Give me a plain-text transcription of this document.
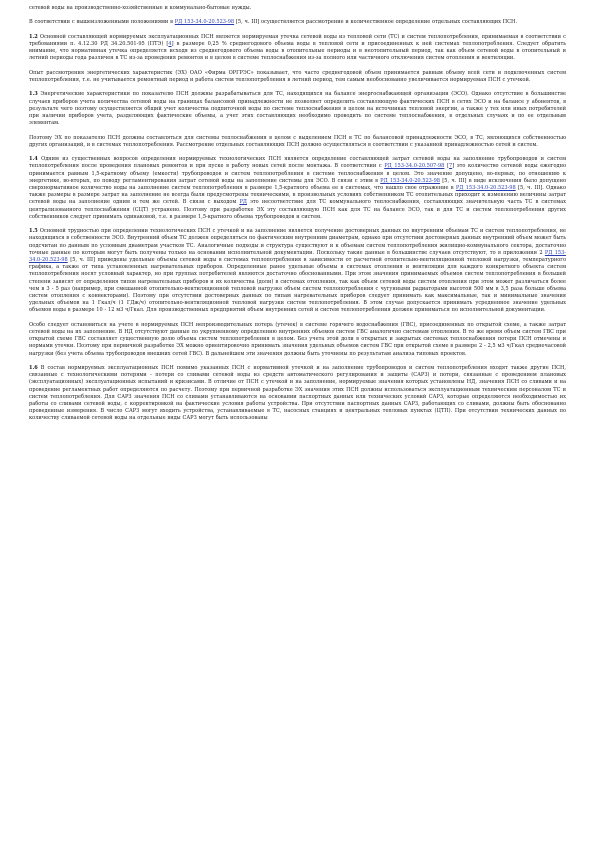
сетевой воды на производственно-хозяйственные и коммунально-бытовые нужды.

В соответствии с вышеизложенными положениями в РД 153-34.0-20.523-98 [5, ч. III] осуществляется рассмотрение и количественное определение отдельных составляющих ПСН.

1.2 Основной составляющей нормируемых эксплуатационных ПСН является нормируемая утечка сетевой воды из тепловой сети (ТС) и систем теплопотребления, принимаемая в соответствии с требованиями п. 4.12.30 РД 34.20.501-95 (ПТЭ) [4] в размере 0,25 % среднегодового объема воды в тепловой сети и присоединенных к ней системах теплопотребления. Следует обратить внимание, что нормативная утечка определяется исходя из среднегодового объема воды в отопительные периоды и в неотопительный период, так как объем сетевой воды в отопительный и летний периоды года различен в ТС из-за проведения ремонтов и в целом в системе теплоснабжения из-за полного или частичного отключения систем отопления и вентиляции.

Опыт рассмотрения энергетических характеристик (ЭХ) ОАО «Фирма ОРГРЭС» показывает, что часто среднегодовой объем принимается равным объему всей сети и подключенных систем теплопотребления, т.е. не учитывается ремонтный период и работа систем теплопотребления в летний период, тем самым необоснованно увеличивается нормируемая ПСН с утечкой.

1.3 Энергетические характеристики по показателю ПСН должны разрабатываться для ТС, находящихся на балансе энергоснабжающей организации (ЭСО). Однако отсутствие в большинстве случаев приборов учета количества сетевой воды на границах балансовой принадлежности не позволяет определить составляющую фактических ПСН в сетях ЭСО и на балансе у абонентов, в результате чего поэтому осуществляется общий учет количества подпиточной воды по системе теплоснабжения в целом на источниках тепловой энергии, а также у тех или иных потребителей при наличии приборов учета, разделяющих фактические объемы, а учет этих составляющих необходимо проводить по системе теплоснабжения, в отдельных случаях и по ее отдельным элементам.

Поэтому ЭХ по показателю ПСН должны составляться для системы теплоснабжения в целом с выделением ПСН в ТС по балансовой принадлежности ЭСО, в ТС, являющихся собственностью других организаций, и в системах теплопотребления. Рассмотрение отдельных составляющих ПСН должно осуществляться в соответствии с указанной принадлежностью сетей и систем.

1.4 Одним из существенных вопросов определения нормируемых технологических ПСН является определение составляющей затрат сетевой воды на заполнение трубопроводов и систем теплопотребления после проведения плановых ремонтов и при пуске в работу новых сетей после монтажа. В соответствии с РД 153-34.0-20.507-98 [7] это количество сетевой воды ежегодно принимается равным 1,5-кратному объему (емкости) трубопроводов и систем теплопотребления в системе теплоснабжения в целом. Это значение допущено, во-первых, по отношению к энергетике, во-вторых, по поводу регламентирования затрат сетевой воды на заполнение системы для ЭСО. В связи с этим в РД 153-34.0-20.523-98 [5, ч. III] в виде исключения было допущено сверхнормативное количество воды на заполнение систем теплопотребления в размере 1,5-кратного объема ее в системах, что нашло свое отражение в РД 153-34.0-20.523-98 [5, ч. III]. Однако также размеры в размере затрат на заполнение не всегда были предусмотрены техническими, в произвольных условиях собственником ТС отопительных приходит к изменению величины затрат сетевой воды на заполнение одним и тем же сетей. В связи с выходом РД это несоответствие для ТС коммунального теплоснабжения, составляющих значительную часть ТС в системах централизованного теплоснабжения (СЦТ) устранено. Поэтому при разработке ЭХ эту составляющую ПСН как для ТС на балансе ЭСО, так и для ТС и систем теплопотребления других собственников следует принимать одинаковой, т.е. в размере 1,5-кратного объема трубопроводов и систем.

1.5 Основной трудностью при определении технологических ПСН с утечкой и на заполнение является получение достоверных данных по внутренним объемам ТС и систем теплопотребления, не находящихся в собственности ЭСО. Внутренний объем ТС должен определяться по фактическим внутренним диаметрам, однако при отсутствии достоверных данных внутренний объем может быть подсчитан по данным по условным диаметрам участков ТС. Аналогичные подходы и структура существуют и к объемам систем теплопотребления жилищно-коммунального сектора, достаточно точные данные по которым могут быть получены только на основании исполнительной документации. Поскольку такие данные в большинстве случаев отсутствуют, то в приложении 2 РД 153-34.0-20.523-98 [5, ч. III] приведены удельные объемы сетевой воды в системах теплопотребления в зависимости от расчетной отопительно-вентиляционной тепловой нагрузки, температурного графика, а также от типа установленных нагревательных приборов. Определенные ранее удельные объемы в системах отопления и вентиляции для каждого конкретного объекта систем теплопотребления носят условный характер, но при группах потребителей являются достаточно обоснованными. При этом значения принимаемых объемов систем теплопотребления в большей степени зависят от определения типов нагревательных приборов и их количества (доли) в системах отопления, так как объем сетевой воды систем отопления при этом может различаться более чем в 3 - 5 раз (например, при смешанной отопительно-вентиляционной тепловой нагрузке объем систем теплопотребления с чугунными радиаторами высотой 500 мм в 3,5 раза больше объема систем отопления с конвекторами). Поэтому при отсутствии достоверных данных по типам нагревательных приборов следует принимать как максимальные, так и минимальные значения удельных объемов на 1 Гкал/ч (1 ГДж/ч) отопительно-вентиляционной тепловой нагрузки систем теплопотребления. В этом случае допускается принимать усредненное значение удельных объемов воды в размере 10 - 12 м3 ч/Гкал. Для производственных предприятий объем внутренних сетей и систем теплопотребления должен приниматься по исполнительной документации.

Особо следует остановиться на учете в нормируемых ПСН непроизводительных потерь (утечек) в системе горячего водоснабжения (ГВС), присоединенных по открытой схеме, а также затрат сетевой воды на их заполнение. В НД отсутствуют данные по укрупненному определению внутренних объемов систем ГВС аналогично системам отопления. В то же время объем систем ГВС при открытой схеме ГВС составляет существенную долю объема систем теплопотребления в целом. Без учета этой доли в открытых и закрытых системах теплоснабжения потери ПСН отмечены и нормами утечки. Поэтому при первичной разработке ЭХ можно ориентировочно принимать значения удельных объемов систем ГВС при открытой схеме в размере 2 - 2,5 м3 ч/Гкал среднечасовой нагрузки (без учета объема трубопроводов внешних сетей ГВС). В дальнейшем эти значения должны быть уточнены по результатам анализа типовых проектов.

1.6 В состав нормируемых эксплуатационных ПСН помимо указанных ПСН с нормативной утечкой и на заполнение трубопроводов и систем теплопотребления входят также другие ПСН, связанные с технологическими потерями - потери со сливами сетевой воды из средств автоматического регулирования и защиты (САРЗ) и потери, связанные с проведением плановых (эксплуатационных) эксплуатационных испытаний и кризисами. В отличие от ПСН с утечкой и на заполнение, нормируемые значения которых установлены НД, значения ПСН со сливами и на проведение регламентных работ определяются по расчету. Поэтому при первичной разработке ЭХ значения этих ПСН должны использоваться эксплуатационным техническим персоналом ТС и систем теплопотребления. Для САРЗ значения ПСН со сливами устанавливаются на основании паспортных данных или технических условий САРЗ, которые определяются необходимостью их работы со сливами сетевой воды, с корректировкой на фактические условия работы устройства. При отсутствии паспортных данных САРЗ, работающих со сливами, должны быть обоснованно проведенные измерения. В число САРЗ могут входить устройства, устанавливаемые в ТС, насосных станциях и центральных тепловых пунктах (ЦТП). При отсутствии технических данных по количеству сливаемой сетевой воды на отдельные виды САРЗ могут быть использованы
